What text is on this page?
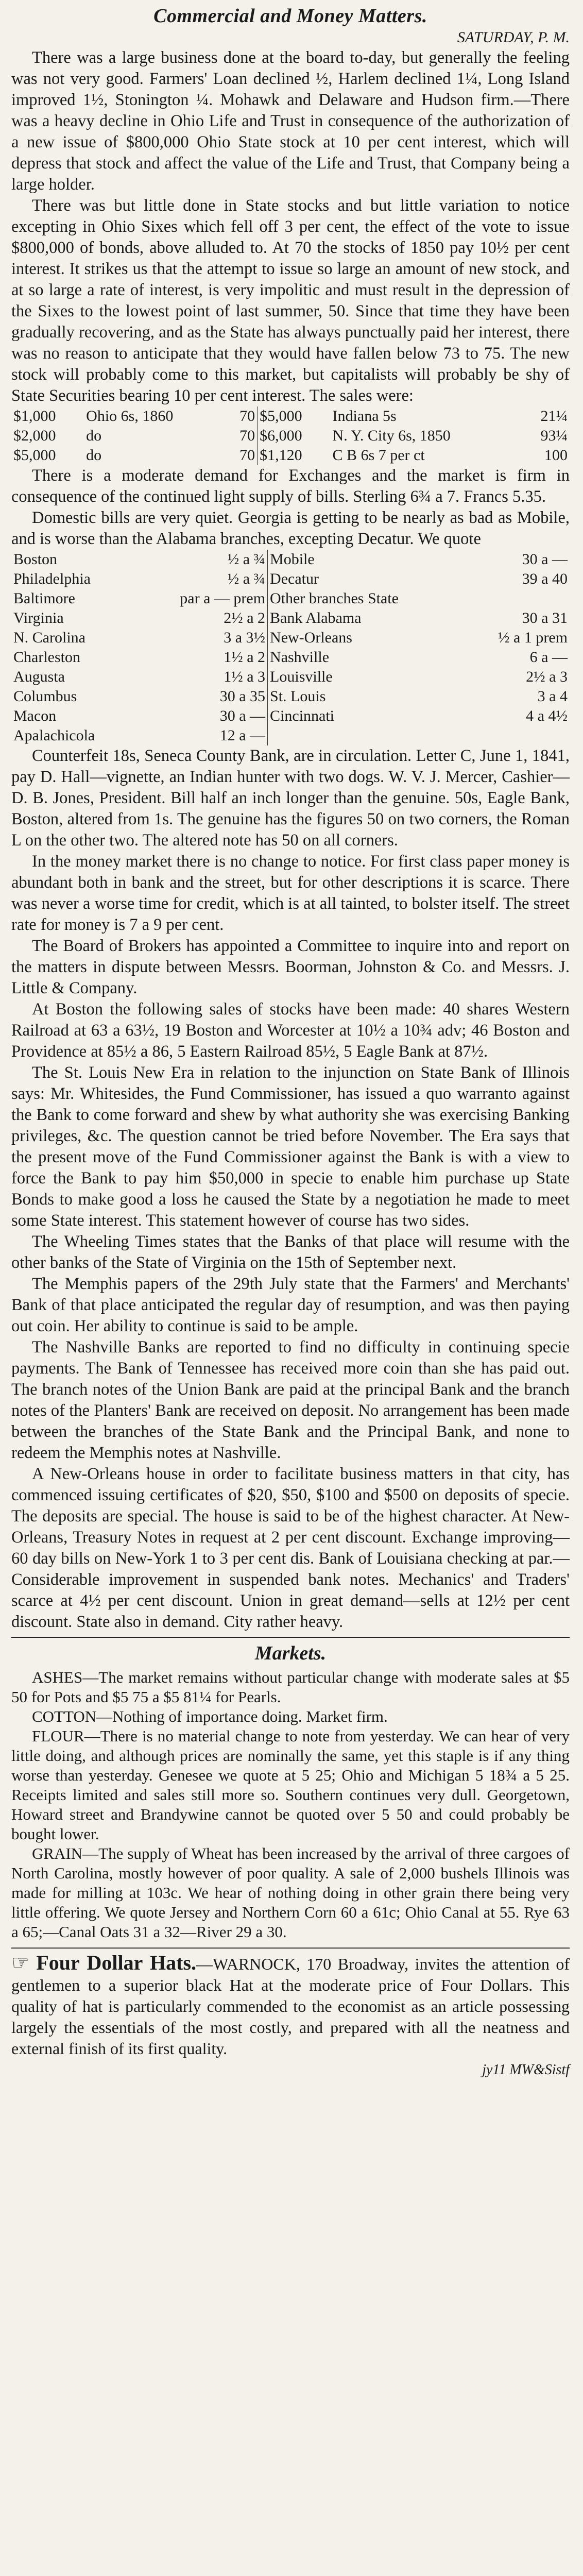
Commercial and Money Matters.
SATURDAY, P. M.

There was a large business done at the board to-day, but generally the feeling was not very good. Farmers' Loan declined ½, Harlem declined 1¼, Long Island improved 1½, Stonington ¼. Mohawk and Delaware and Hudson firm.—There was a heavy decline in Ohio Life and Trust in consequence of the authorization of a new issue of $800,000 Ohio State stock at 10 per cent interest, which will depress that stock and affect the value of the Life and Trust, that Company being a large holder.

There was but little done in State stocks and but little variation to notice excepting in Ohio Sixes which fell off 3 per cent, the effect of the vote to issue $800,000 of bonds, above alluded to. At 70 the stocks of 1850 pay 10½ per cent interest. It strikes us that the attempt to issue so large an amount of new stock, and at so large a rate of interest, is very impolitic and must result in the depression of the Sixes to the lowest point of last summer, 50. Since that time they have been gradually recovering, and as the State has always punctually paid her interest, there was no reason to anticipate that they would have fallen below 73 to 75. The new stock will probably come to this market, but capitalists will probably be shy of State Securities bearing 10 per cent interest. The sales were:

$1,000	Ohio 6s, 1860	70	$5,000	Indiana 5s	21¼
$2,000	do	70	$6,000	N. Y. City 6s, 1850	93¼
$5,000	do	70	$1,120	C B 6s 7 per ct	100

There is a moderate demand for Exchanges and the market is firm in consequence of the continued light supply of bills. Sterling 6¾ a 7. Francs 5.35.

Domestic bills are very quiet. Georgia is getting to be nearly as bad as Mobile, and is worse than the Alabama branches, excepting Decatur. We quote

Boston	½ a ¾	Mobile	30 a —
Philadelphia	½ a ¾	Decatur	39 a 40
Baltimore	par a — prem	Other branches State	
Virginia	2½ a 2	Bank Alabama	30 a 31
N. Carolina	3 a 3½	New-Orleans	½ a 1 prem
Charleston	1½ a 2	Nashville	6 a —
Augusta	1½ a 3	Louisville	2½ a 3
Columbus	30 a 35	St. Louis	3 a 4
Macon	30 a —	Cincinnati	4 a 4½
Apalachicola	12 a —		

Counterfeit 18s, Seneca County Bank, are in circulation. Letter C, June 1, 1841, pay D. Hall—vignette, an Indian hunter with two dogs. W. V. J. Mercer, Cashier—D. B. Jones, President. Bill half an inch longer than the genuine. 50s, Eagle Bank, Boston, altered from 1s. The genuine has the figures 50 on two corners, the Roman L on the other two. The altered note has 50 on all corners.

In the money market there is no change to notice. For first class paper money is abundant both in bank and the street, but for other descriptions it is scarce. There was never a worse time for credit, which is at all tainted, to bolster itself. The street rate for money is 7 a 9 per cent.

The Board of Brokers has appointed a Committee to inquire into and report on the matters in dispute between Messrs. Boorman, Johnston & Co. and Messrs. J. Little & Company.

At Boston the following sales of stocks have been made: 40 shares Western Railroad at 63 a 63½, 19 Boston and Worcester at 10½ a 10¾ adv; 46 Boston and Providence at 85½ a 86, 5 Eastern Railroad 85½, 5 Eagle Bank at 87½.

The St. Louis New Era in relation to the injunction on State Bank of Illinois says: Mr. Whitesides, the Fund Commissioner, has issued a quo warranto against the Bank to come forward and shew by what authority she was exercising Banking privileges, &c. The question cannot be tried before November. The Era says that the present move of the Fund Commissioner against the Bank is with a view to force the Bank to pay him $50,000 in specie to enable him purchase up State Bonds to make good a loss he caused the State by a negotiation he made to meet some State interest. This statement however of course has two sides.

The Wheeling Times states that the Banks of that place will resume with the other banks of the State of Virginia on the 15th of September next.

The Memphis papers of the 29th July state that the Farmers' and Merchants' Bank of that place anticipated the regular day of resumption, and was then paying out coin. Her ability to continue is said to be ample.

The Nashville Banks are reported to find no difficulty in continuing specie payments. The Bank of Tennessee has received more coin than she has paid out. The branch notes of the Union Bank are paid at the principal Bank and the branch notes of the Planters' Bank are received on deposit. No arrangement has been made between the branches of the State Bank and the Principal Bank, and none to redeem the Memphis notes at Nashville.

A New-Orleans house in order to facilitate business matters in that city, has commenced issuing certificates of $20, $50, $100 and $500 on deposits of specie. The deposits are special. The house is said to be of the highest character. At New-Orleans, Treasury Notes in request at 2 per cent discount. Exchange improving—60 day bills on New-York 1 to 3 per cent dis. Bank of Louisiana checking at par.—Considerable improvement in suspended bank notes. Mechanics' and Traders' scarce at 4½ per cent discount. Union in great demand—sells at 12½ per cent discount. State also in demand. City rather heavy.

Markets.

ASHES—The market remains without particular change with moderate sales at $5 50 for Pots and $5 75 a $5 81¼ for Pearls.

COTTON—Nothing of importance doing. Market firm.

FLOUR—There is no material change to note from yesterday. We can hear of very little doing, and although prices are nominally the same, yet this staple is if any thing worse than yesterday. Genesee we quote at 5 25; Ohio and Michigan 5 18¾ a 5 25. Receipts limited and sales still more so. Southern continues very dull. Georgetown, Howard street and Brandywine cannot be quoted over 5 50 and could probably be bought lower.

GRAIN—The supply of Wheat has been increased by the arrival of three cargoes of North Carolina, mostly however of poor quality. A sale of 2,000 bushels Illinois was made for milling at 103c. We hear of nothing doing in other grain there being very little offering. We quote Jersey and Northern Corn 60 a 61c; Ohio Canal at 55. Rye 63 a 65;—Canal Oats 31 a 32—River 29 a 30.

☞ Four Dollar Hats.—WARNOCK, 170 Broadway, invites the attention of gentlemen to a superior black Hat at the moderate price of Four Dollars. This quality of hat is particularly commended to the economist as an article possessing largely the essentials of the most costly, and prepared with all the neatness and external finish of its first quality.

jy11 MW&Sistf
